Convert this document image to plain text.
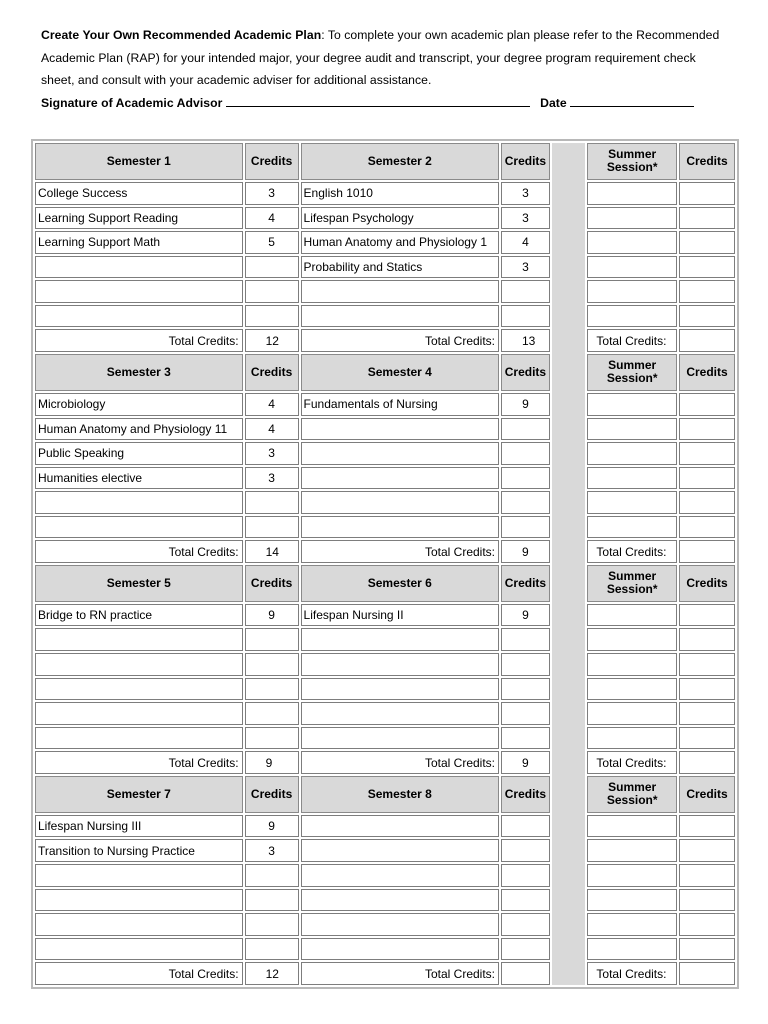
Create Your Own Recommended Academic Plan: To complete your own academic plan please refer to the Recommended Academic Plan (RAP) for your intended major, your degree audit and transcript, your degree program requirement check sheet, and consult with your academic adviser for additional assistance.
Signature of Academic Advisor	Date
Semester 1	Credits	Semester 2	Credits		Summer Session*	Credits
College Success	3	English 1010	3			
Learning Support Reading	4	Lifespan Psychology	3			
Learning Support Math	5	Human Anatomy and Physiology 1	4			
		Probability and Statics	3			

Total Credits:	12	Total Credits:	13		Total Credits:	
Semester 3	Credits	Semester 4	Credits		Summer Session*	Credits
Microbiology	4	Fundamentals of Nursing	9			
Human Anatomy and Physiology 11	4					
Public Speaking	3					
Humanities elective	3					

Total Credits:	14	Total Credits:	9		Total Credits:	
Semester 5	Credits	Semester 6	Credits		Summer Session*	Credits
Bridge to RN practice	9	Lifespan Nursing II	9			

Total Credits:	9	Total Credits:	9		Total Credits:	
Semester 7	Credits	Semester 8	Credits		Summer Session*	Credits
Lifespan Nursing III	9					
Transition to Nursing Practice	3					

Total Credits:	12	Total Credits:			Total Credits:	
